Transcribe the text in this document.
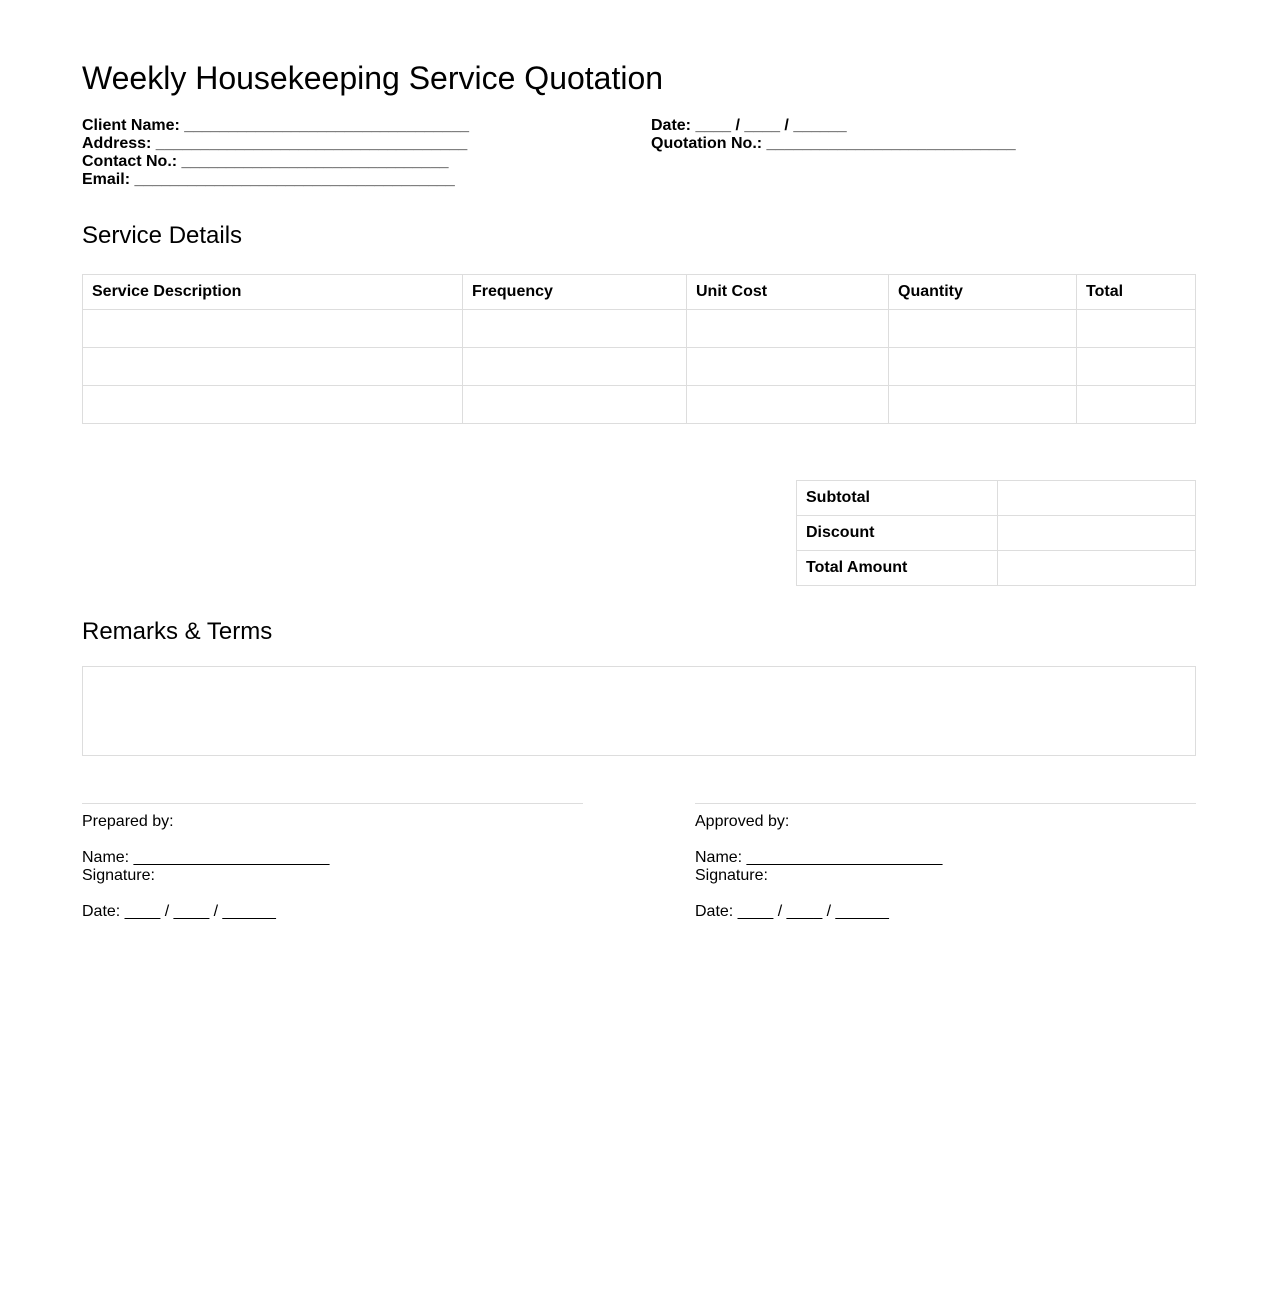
Weekly Housekeeping Service Quotation
Client Name: ________________________________
Address: ___________________________________
Contact No.: ______________________________
Email: ____________________________________
Date: ____ / ____ / ______
Quotation No.: ____________________________
Service Details
Service Description	Frequency	Unit Cost	Quantity	Total

Subtotal	
Discount	
Total Amount	
Remarks & Terms
Prepared by:
Name: ______________________
Signature:
Date: ____ / ____ / ______
Approved by:
Name: ______________________
Signature:
Date: ____ / ____ / ______
